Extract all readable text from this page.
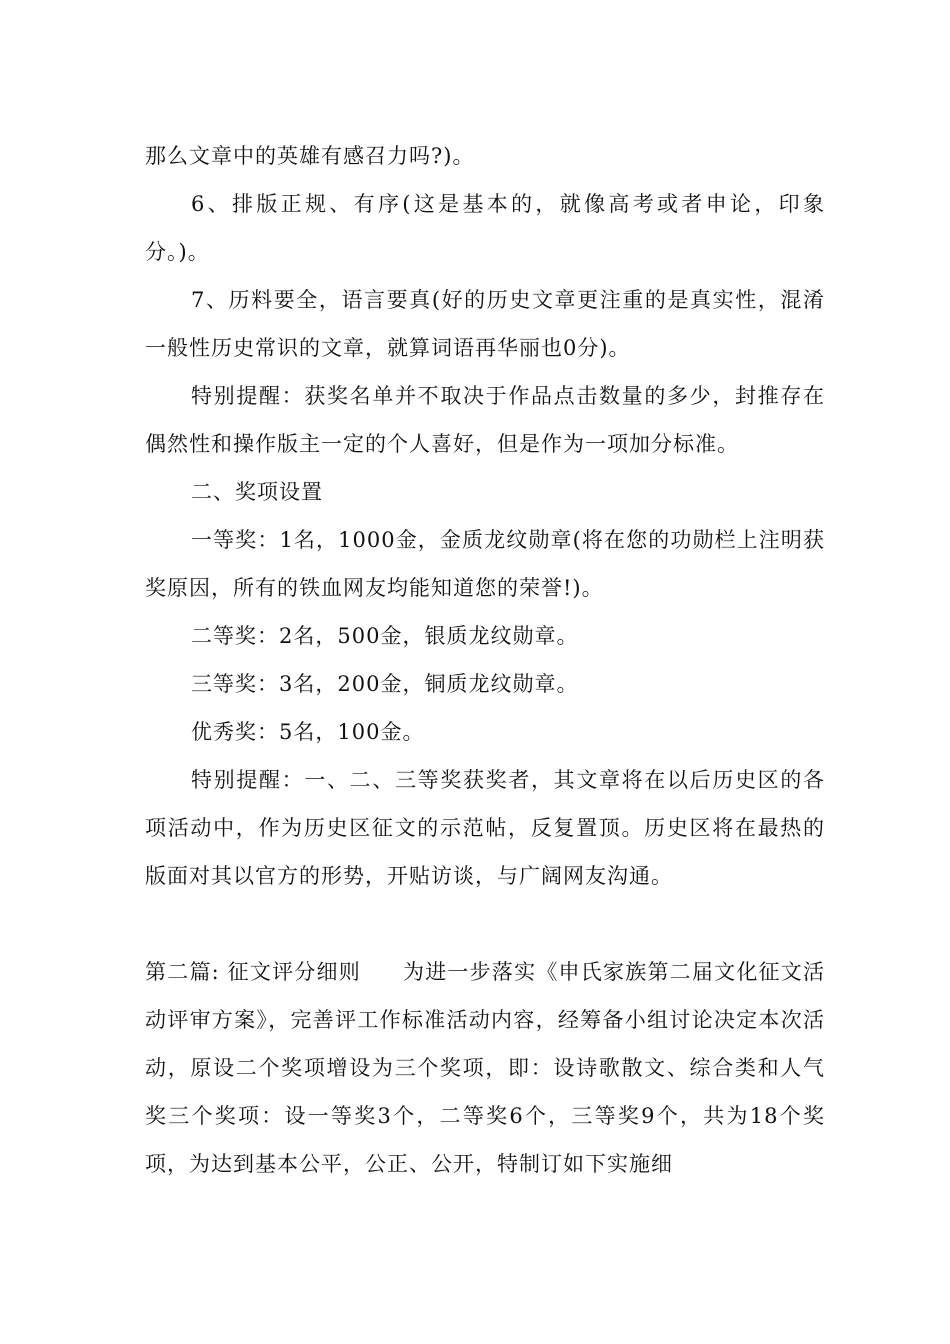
那么文章中的英雄有感召力吗?)。

6、排版正规、有序(这是基本的，就像高考或者申论，印象分。)。

7、历料要全，语言要真(好的历史文章更注重的是真实性，混淆一般性历史常识的文章，就算词语再华丽也0分)。

特别提醒：获奖名单并不取决于作品点击数量的多少，封推存在偶然性和操作版主一定的个人喜好，但是作为一项加分标准。

二、奖项设置

一等奖：1名，1000金，金质龙纹勋章(将在您的功勋栏上注明获奖原因，所有的铁血网友均能知道您的荣誉!)。

二等奖：2名，500金，银质龙纹勋章。

三等奖：3名，200金，铜质龙纹勋章。

优秀奖：5名，100金。

特别提醒：一、二、三等奖获奖者，其文章将在以后历史区的各项活动中，作为历史区征文的示范帖，反复置顶。历史区将在最热的版面对其以官方的形势，开贴访谈，与广阔网友沟通。

第二篇: 征文评分细则 为进一步落实《申氏家族第二届文化征文活动评审方案》，完善评工作标准活动内容，经筹备小组讨论决定本次活动，原设二个奖项增设为三个奖项，即：设诗歌散文、综合类和人气奖三个奖项：设一等奖3个，二等奖6个，三等奖9个，共为18个奖项，为达到基本公平，公正、公开，特制订如下实施细
